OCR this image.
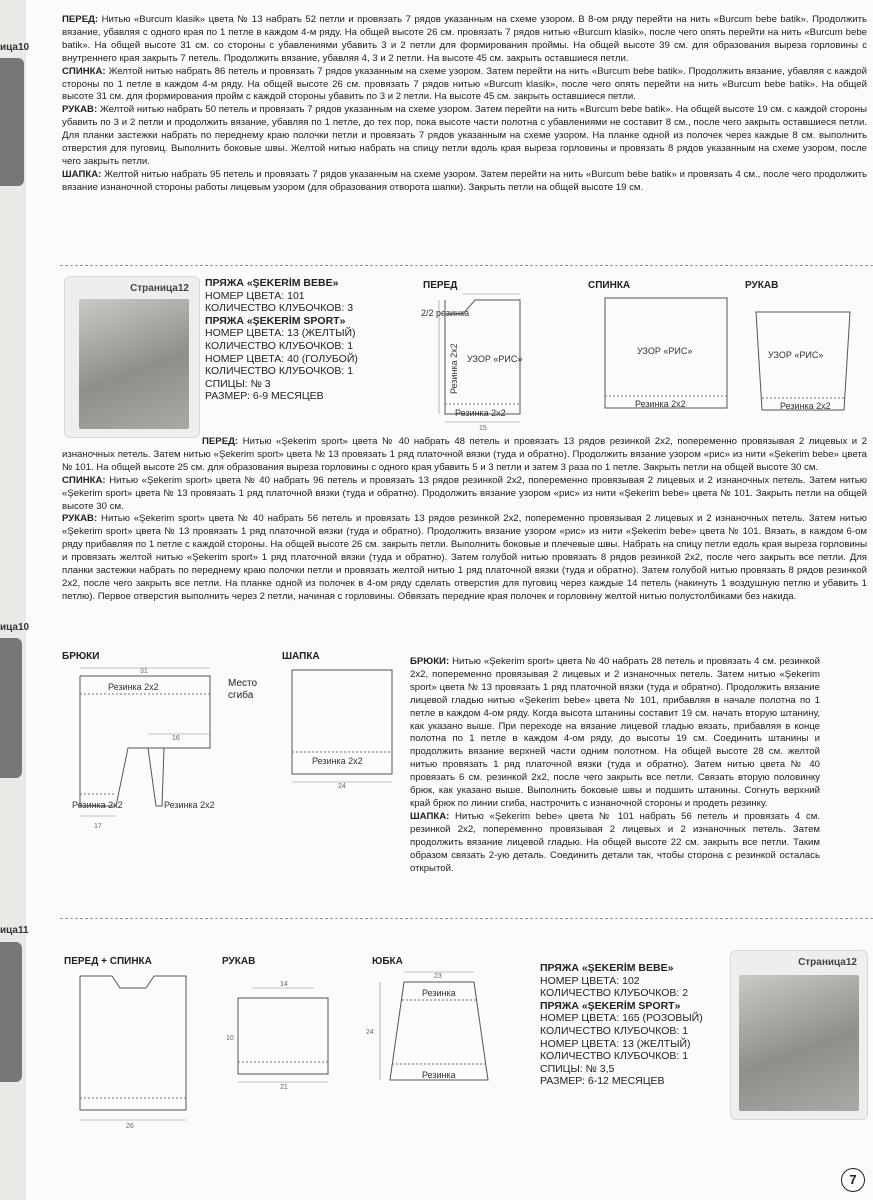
ица10
ица10
ица11

ПЕРЕД: Нитью «Burcum klasik» цвета № 13 набрать 52 петли и провязать 7 рядов указанным на схеме узором. В 8-ом ряду перейти на нить «Burcum bebe batik». Продолжить вязание, убавляя с одного края по 1 петле в каждом 4-м ряду. На общей высоте 26 см. провязать 7 рядов нитью «Burcum klasik», после чего опять перейти на нить «Burcum bebe batik». На общей высоте 31 см. со стороны с убавлениями убавить 3 и 2 петли для формирования проймы. На общей высоте 39 см. для образования выреза горловины с внутреннего края закрыть 7 петель. Продолжить вязание, убавляя 4, 3 и 2 петли. На высоте 45 см. закрыть оставшиеся петли.

СПИНКА: Желтой нитью набрать 86 петель и провязать 7 рядов указанным на схеме узором. Затем перейти на нить «Burcum bebe batik». Продолжить вязание, убавляя с каждой стороны по 1 петле в каждом 4-м ряду. На общей высоте 26 см. провязать 7 рядов нитью «Burcum klasik», после чего опять перейти на нить «Burcum bebe batik». На общей высоте 31 см. для формирования пройм с каждой стороны убавить по 3 и 2 петли. На высоте 45 см. закрыть оставшиеся петли.

РУКАВ: Желтой нитью набрать 50 петель и провязать 7 рядов указанным на схеме узором. Затем перейти на нить «Burcum bebe batik». На общей высоте 19 см. с каждой стороны убавить по 3 и 2 петли и продолжить вязание, убавляя по 1 петле, до тех пор, пока высоте части полотна с убавлениями не составит 8 см., после чего закрыть оставшиеся петли. Для планки застежки набрать по переднему краю полочки петли и провязать 7 рядов указанным на схеме узором. На планке одной из полочек через каждые 8 см. выполнить отверстия для пуговиц. Выполнить боковые швы. Желтой нитью набрать на спицу петли вдоль края выреза горловины и провязать 8 рядов указанным на схеме узором, после чего закрыть петли.

ШАПКА: Желтой нитью набрать 95 петель и провязать 7 рядов указанным на схеме узором. Затем перейти на нить «Burcum bebe batik» и провязать 4 см., после чего продолжить вязание изнаночной стороны работы лицевым узором (для образования отворота шапки). Закрыть петли на общей высоте 19 см.

Страница12 ПРЯЖА «ŞEKERİM BEBE»
НОМЕР ЦВЕТА: 101
КОЛИЧЕСТВО КЛУБОЧКОВ: 3
ПРЯЖА «ŞEKERİM SPORT»
НОМЕР ЦВЕТА: 13 (ЖЕЛТЫЙ)
КОЛИЧЕСТВО КЛУБОЧКОВ: 1
НОМЕР ЦВЕТА: 40 (ГОЛУБОЙ)
КОЛИЧЕСТВО КЛУБОЧКОВ: 1
СПИЦЫ: № 3
РАЗМЕР: 6-9 МЕСЯЦЕВ
ПЕРЕД
2/2 резинка
Резинка 2x2 УЗОР «РИС»
Резинка 2x2
15
СПИНКА
УЗОР «РИС»
Резинка 2x2
РУКАВ
УЗОР «РИС»
Резинка 2x2

ПЕРЕД: Нитью «Şekerim sport» цвета № 40 набрать 48 петель и провязать 13 рядов резинкой 2x2, попеременно провязывая 2 лицевых и 2 изнаночных петель. Затем нитью «Şekerim sport» цвета № 13 провязать 1 ряд платочной вязки (туда и обратно). Продолжить вязание узором «рис» из нити «Şekerim bebe» цвета № 101. На общей высоте 25 см. для образования выреза горловины с одного края убавить 5 и 3 петли и затем 3 раза по 1 петле. Закрыть петли на общей высоте 30 см.

СПИНКА: Нитью «Şekerim sport» цвета № 40 набрать 96 петель и провязать 13 рядов резинкой 2x2, попеременно провязывая 2 лицевых и 2 изнаночных петель. Затем нитью «Şekerim sport» цвета № 13 провязать 1 ряд платочной вязки (туда и обратно). Продолжить вязание узором «рис» из нити «Şekerim bebe» цвета № 101. Закрыть петли на общей высоте 30 см.

РУКАВ: Нитью «Şekerim sport» цвета № 40 набрать 56 петель и провязать 13 рядов резинкой 2x2, попеременно провязывая 2 лицевых и 2 изнаночных петель. Затем нитью «Şekerim sport» цвета № 13 провязать 1 ряд платочной вязки (туда и обратно). Продолжить вязание узором «рис» из нити «Şekerim bebe» цвета № 101. Вязать, в каждом 6-ом ряду прибавляя по 1 петле с каждой стороны. На общей высоте 26 см. закрыть петли. Выполнить боковые и плечевые швы. Набрать на спицу петли едоль края выреза горловины и провязать желтой нитью «Şekerim sport» 1 ряд платочной вязки (туда и обратно). Затем голубой нитью провязать 8 рядов резинкой 2x2, после чего закрыть все петли. Для планки застежки набрать по переднему краю полочки петли и провязать желтой нитью 1 ряд платочной вязки (туда и обратно). Затем голубой нитью провязать 8 рядов резинкой 2x2, после чего закрыть все петли. На планке одной из полочек в 4-ом ряду сделать отверстия для пуговиц через каждые 14 петель (накинуть 1 воздушную петлю и убавить 1 петлю). Первое отверстия выполнить через 2 петли, начиная с горловины. Обвязать передние края полочек и горловину желтой нитью полустолбиками без накида.

БРЮКИ
Резинка 2x2
31
16
Резинка 2x2	Резинка 2x2
17
Место сгиба
ШАПКА
Резинка 2x2
24

БРЮКИ: Нитью «Şekerim sport» цвета № 40 набрать 28 петель и провязать 4 см. резинкой 2x2, попеременно провязывая 2 лицевых и 2 изнаночных петель. Затем нитью «Şekerim sport» цвета № 13 провязать 1 ряд платочной вязки (туда и обратно). Продолжить вязание лицевой гладью нитью «Şekerim bebe» цвета № 101, прибавляя в начале полотна по 1 петле в каждом 4-ом ряду. Когда высота штанины составит 19 см. начать вторую штанину, как указано выше. При переходе на вязание лицевой гладью вязать, прибавляя в конце полотна по 1 петле в каждом 4-ом ряду, до высоты 19 см. Соединить штанины и продолжить вязание верхней части одним полотном. На общей высоте 28 см. желтой нитью провязать 1 ряд платочной вязки (туда и обратно). Затем нитью цвета № 40 провязать 6 см. резинкой 2x2, после чего закрыть все петли. Связать вторую половинку брюк, как указано выше. Выполнить боковые швы и подшить штанины. Согнуть верхний край брюк по линии сгиба, настрочить с изнаночной стороны и продеть резинку.

ШАПКА: Нитью «Şekerim bebe» цвета № 101 набрать 56 петель и провязать 4 см. резинкой 2x2, попеременно провязывая 2 лицевых и 2 изнаночных петель. Затем продолжить вязание лицевой гладью. На общей высоте 22 см. закрыть все петли. Таким образом связать 2-ую деталь. Соединить детали так, чтобы сторона с резинкой осталась открытой.

ПЕРЕД + СПИНКА
26
РУКАВ
10
14
21
ЮБКА
Резинка
Резинка
24
23
ПРЯЖА «ŞEKERİM BEBE»
НОМЕР ЦВЕТА: 102
КОЛИЧЕСТВО КЛУБОЧКОВ: 2
ПРЯЖА «ŞEKERİM SPORT»
НОМЕР ЦВЕТА: 165 (РОЗОВЫЙ)
КОЛИЧЕСТВО КЛУБОЧКОВ: 1
НОМЕР ЦВЕТА: 13 (ЖЕЛТЫЙ)
КОЛИЧЕСТВО КЛУБОЧКОВ: 1
СПИЦЫ: № 3,5
РАЗМЕР: 6-12 МЕСЯЦЕВ
Страница12
7
